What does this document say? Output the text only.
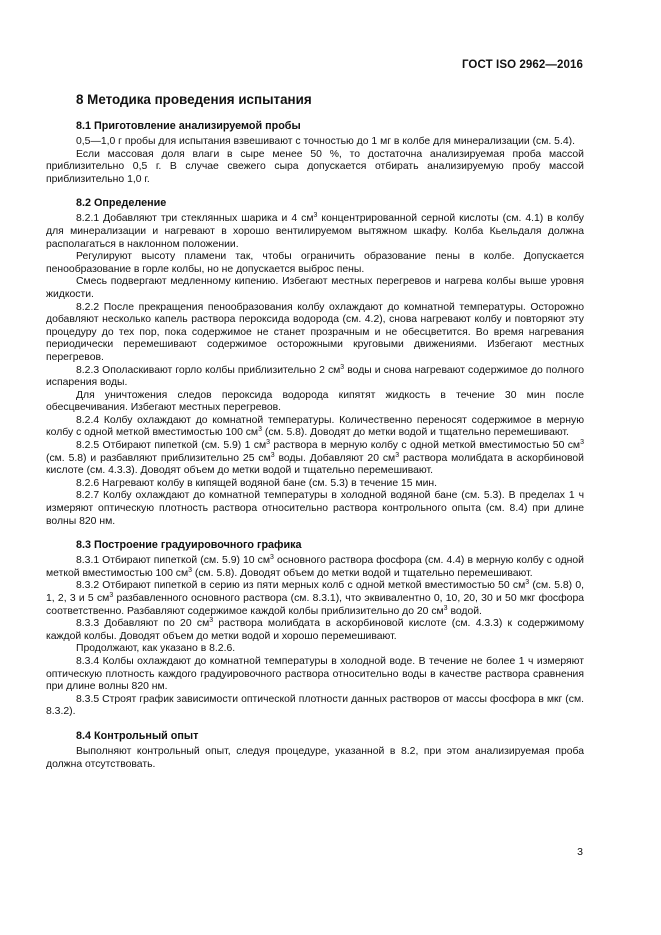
ГОСТ ISO 2962—2016
8 Методика проведения испытания
8.1 Приготовление анализируемой пробы

0,5—1,0 г пробы для испытания взвешивают с точностью до 1 мг в колбе для минерализации (см. 5.4).

Если массовая доля влаги в сыре менее 50 %, то достаточна анализируемая проба массой приблизительно 0,5 г. В случае свежего сыра допускается отбирать анализируемую пробу массой приблизительно 1,0 г.

8.2 Определение

8.2.1 Добавляют три стеклянных шарика и 4 $см^3$ концентрированной серной кислоты (см. 4.1) в колбу для минерализации и нагревают в хорошо вентилируемом вытяжном шкафу. Колба Кьельдаля должна располагаться в наклонном положении.

Регулируют высоту пламени так, чтобы ограничить образование пены в колбе. Допускается пенообразование в горле колбы, но не допускается выброс пены.

Смесь подвергают медленному кипению. Избегают местных перегревов и нагрева колбы выше уровня жидкости.

8.2.2 После прекращения пенообразования колбу охлаждают до комнатной температуры. Осторожно добавляют несколько капель раствора пероксида водорода (см. 4.2), снова нагревают колбу и повторяют эту процедуру до тех пор, пока содержимое не станет прозрачным и не обесцветится. Во время нагревания периодически перемешивают содержимое осторожными круговыми движениями. Избегают местных перегревов.

8.2.3 Ополаскивают горло колбы приблизительно 2 $см^3$ воды и снова нагревают содержимое до полного испарения воды.

Для уничтожения следов пероксида водорода кипятят жидкость в течение 30 мин после обесцвечивания. Избегают местных перегревов.

8.2.4 Колбу охлаждают до комнатной температуры. Количественно переносят содержимое в мерную колбу с одной меткой вместимостью 100 $см^3$ (см. 5.8). Доводят до метки водой и тщательно перемешивают.

8.2.5 Отбирают пипеткой (см. 5.9) 1 $см^3$ раствора в мерную колбу с одной меткой вместимостью 50 $см^3$ (см. 5.8) и разбавляют приблизительно 25 $см^3$ воды. Добавляют 20 $см^3$ раствора молибдата в аскорбиновой кислоте (см. 4.3.3). Доводят объем до метки водой и тщательно перемешивают.

8.2.6 Нагревают колбу в кипящей водяной бане (см. 5.3) в течение 15 мин.

8.2.7 Колбу охлаждают до комнатной температуры в холодной водяной бане (см. 5.3). В пределах 1 ч измеряют оптическую плотность раствора относительно раствора контрольного опыта (см. 8.4) при длине волны 820 нм.

8.3 Построение градуировочного графика

8.3.1 Отбирают пипеткой (см. 5.9) 10 $см^3$ основного раствора фосфора (см. 4.4) в мерную колбу с одной меткой вместимостью 100 $см^3$ (см. 5.8). Доводят объем до метки водой и тщательно перемешивают.

8.3.2 Отбирают пипеткой в серию из пяти мерных колб с одной меткой вместимостью 50 $см^3$ (см. 5.8) 0, 1, 2, 3 и 5 $см^3$ разбавленного основного раствора (см. 8.3.1), что эквивалентно 0, 10, 20, 30 и 50 мкг фосфора соответственно. Разбавляют содержимое каждой колбы приблизительно до 20 $см^3$ водой.

8.3.3 Добавляют по 20 $см^3$ раствора молибдата в аскорбиновой кислоте (см. 4.3.3) к содержимому каждой колбы. Доводят объем до метки водой и хорошо перемешивают.

Продолжают, как указано в 8.2.6.

8.3.4 Колбы охлаждают до комнатной температуры в холодной воде. В течение не более 1 ч измеряют оптическую плотность каждого градуировочного раствора относительно воды в качестве раствора сравнения при длине волны 820 нм.

8.3.5 Строят график зависимости оптической плотности данных растворов от массы фосфора в мкг (см. 8.3.2).

8.4 Контрольный опыт

Выполняют контрольный опыт, следуя процедуре, указанной в 8.2, при этом анализируемая проба должна отсутствовать.

3
